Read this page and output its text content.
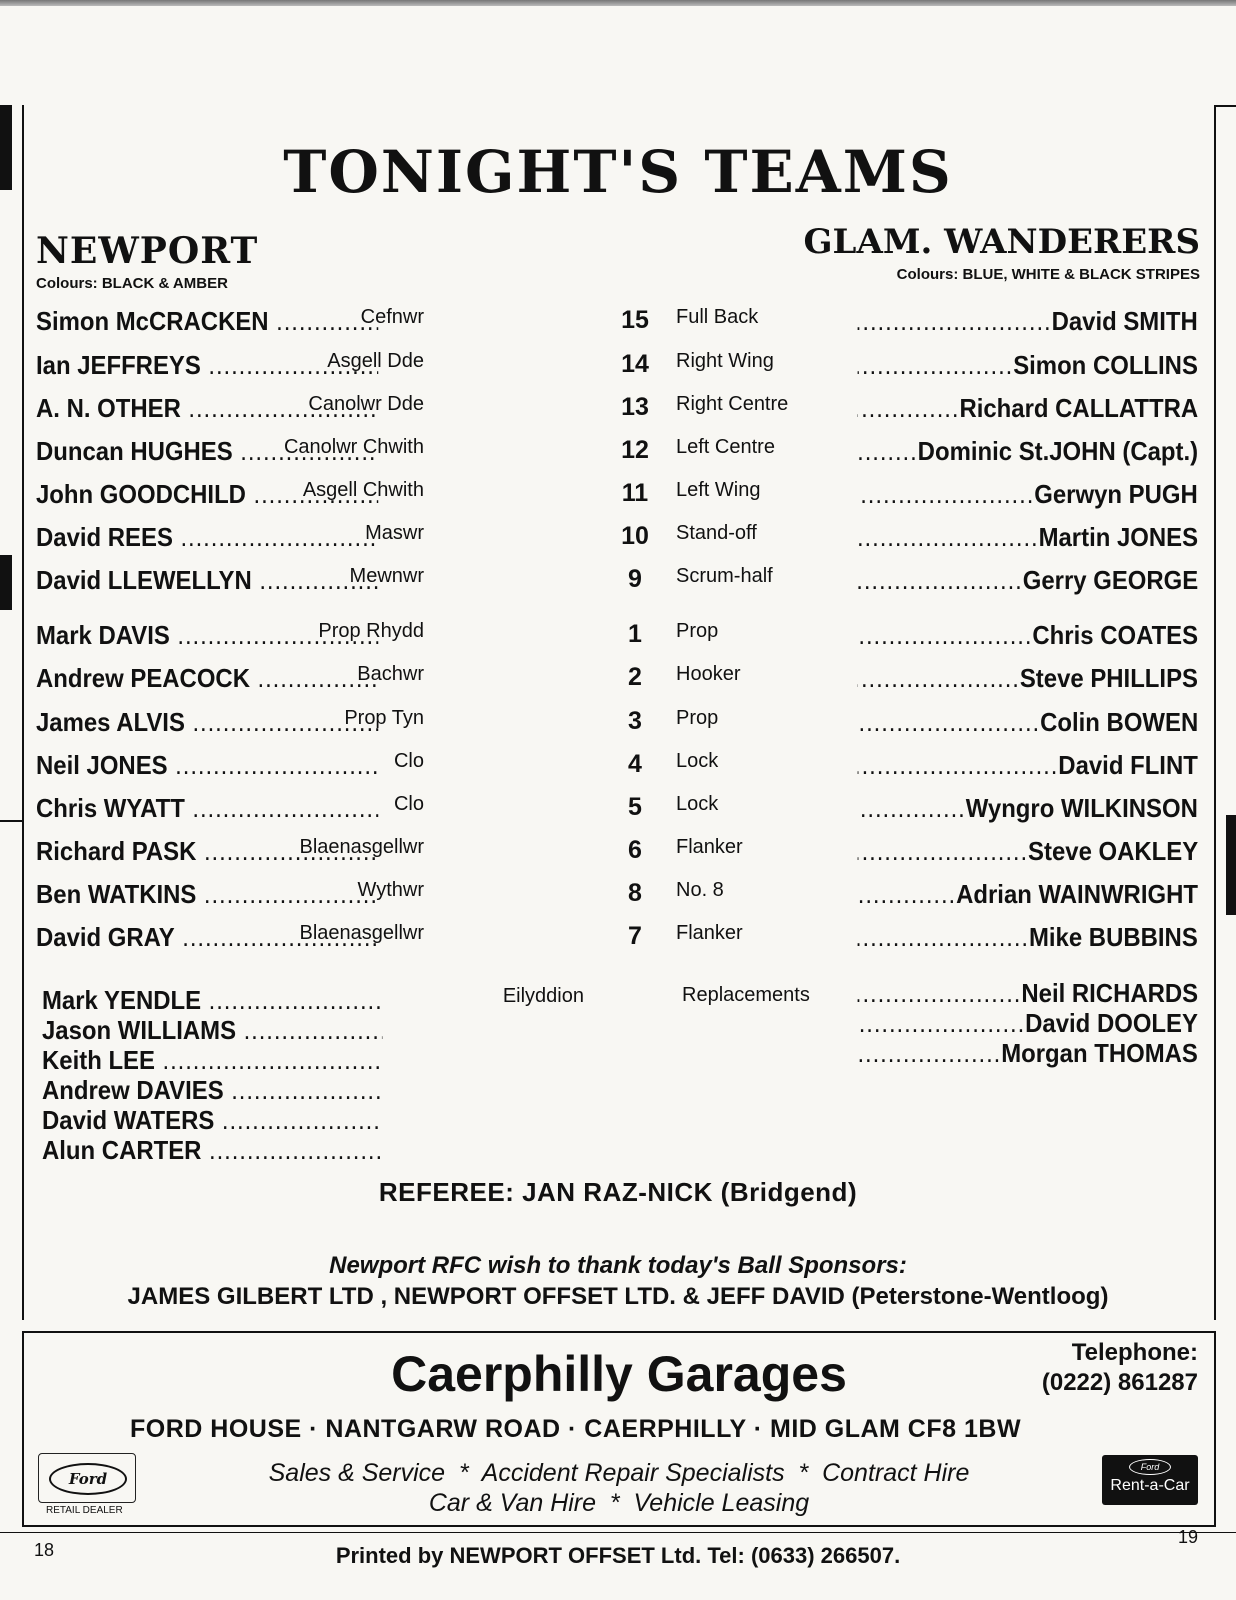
TONIGHT'S TEAMS
NEWPORT
Colours: BLACK & AMBER
GLAM. WANDERERS
Colours: BLUE, WHITE & BLACK STRIPES
Simon McCRACKEN .....	Cefnwr	15	Full Back	David SMITH .....
Ian JEFFREYS .....	Asgell Dde	14	Right Wing	Simon COLLINS .....
A. N. OTHER .....	Canolwr Dde	13	Right Centre	Richard CALLATTRA .....
Duncan HUGHES .....	Canolwr Chwith	12	Left Centre	Dominic St.JOHN (Capt.) .....
John GOODCHILD .....	Asgell Chwith	11	Left Wing	Gerwyn PUGH .....
David REES .....	Maswr	10	Stand-off	Martin JONES .....
David LLEWELLYN .....	Mewnwr	9	Scrum-half	Gerry GEORGE .....
Mark DAVIS .....	Prop Rhydd	1	Prop	Chris COATES .....
Andrew PEACOCK .....	Bachwr	2	Hooker	Steve PHILLIPS .....
James ALVIS .....	Prop Tyn	3	Prop	Colin BOWEN .....
Neil JONES .....	Clo	4	Lock	David FLINT .....
Chris WYATT .....	Clo	5	Lock	Wyngro WILKINSON .....
Richard PASK .....	Blaenasgellwr	6	Flanker	Steve OAKLEY .....
Ben WATKINS .....	Wythwr	8	No. 8	Adrian WAINWRIGHT .....
David GRAY .....	Blaenasgellwr	7	Flanker	Mike BUBBINS .....
Mark YENDLE .....
Jason WILLIAMS .....
Keith LEE .....
Andrew DAVIES .....
David WATERS .....
Alun CARTER .....
Eilyddion	Replacements	Neil RICHARDS .....
David DOOLEY .....
Morgan THOMAS .....
REFEREE: JAN RAZ-NICK (Bridgend)
Newport RFC wish to thank today's Ball Sponsors:
JAMES GILBERT LTD , NEWPORT OFFSET LTD. & JEFF DAVID (Peterstone-Wentloog)
Caerphilly Garages	Telephone:
(0222) 861287
FORD HOUSE · NANTGARW ROAD · CAERPHILLY · MID GLAM CF8 1BW
Sales & Service  *  Accident Repair Specialists  *  Contract Hire
Car & Van Hire  *  Vehicle Leasing
Ford
RETAIL DEALER
Ford
Rent-a-Car
18
19
Printed by NEWPORT OFFSET Ltd. Tel: (0633) 266507.
